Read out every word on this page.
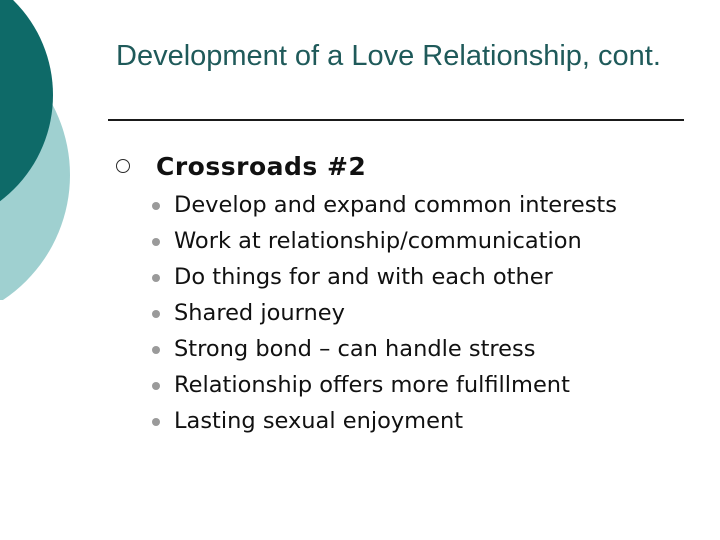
Development of a Love Relationship, cont.
Crossroads #2
Develop and expand common interests
Work at relationship/communication
Do things for and with each other
Shared journey
Strong bond – can handle stress
Relationship offers more fulfillment
Lasting sexual enjoyment
